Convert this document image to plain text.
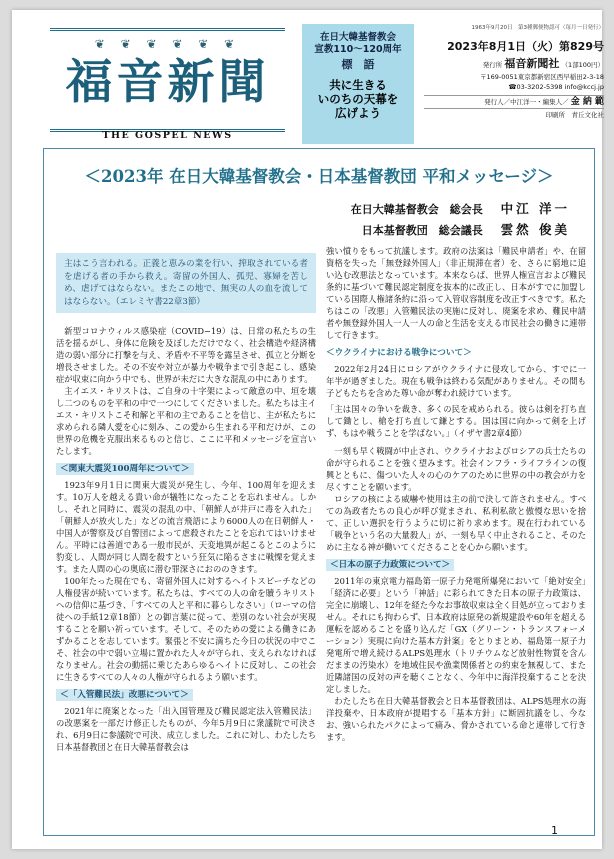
❦ ❦ ❦ ❦ ❦ ❦
福音新聞
THE GOSPEL NEWS
在日大韓基督教会
宣教110～120周年
標　語
共に生きる
いのちの天幕を
広げよう
1963年9月20日　第3種郵便物認可（毎月一日発行）
2023年8月1日（火）第829号
発行所 福音新聞社 （1部100円）
〒169-0051東京都新宿区西早稲田2-3-18
☎03-3202-5398 info@kccj.jp
発行人／中江洋一・編集人／ 金 納 範
印刷所　青丘文化社
＜2023年 在日大韓基督教会・日本基督教団 平和メッセージ＞
在日大韓基督教会　総会長 中江 洋一
日本基督教団　総会議長 雲然 俊美
主はこう言われる。正義と恵みの業を行い、搾取されている者を虐げる者の手から救え。寄留の外国人、孤児、寡婦を苦しめ、虐げてはならない。またこの地で、無実の人の血を流してはならない。（エレミヤ書22章3節）

新型コロナウィルス感染症（COVID−19）は、日常の私たちの生活を揺るがし、身体に危険を及ぼしただけでなく、社会構造や経済構造の弱い部分に打撃を与え、矛盾や不平等を露呈させ、孤立と分断を増長させました。その不安や対立が暴力や戦争まで引き起こし、感染症が収束に向かう中でも、世界が未だに大きな混乱の中にあります。

主イエス・キリストは、ご自身の十字架によって敵意の中、垣を壊し二つのものを平和の中で一つにしてくださいました。私たちは主イエス・キリストこそ和解と平和の主であることを信じ、主が私たちに求められる隣人愛を心に刻み、この愛から生まれる平和だけが、この世界の危機を克服出来るものと信じ、ここに平和メッセージを宣言いたします。

＜関東大震災100周年について＞

1923年9月1日に関東大震災が発生し、今年、100周年を迎えます。10万人を越える貴い命が犠牲になったことを忘れません。しかし、それと同時に、震災の混乱の中、「朝鮮人が井戸に毒を入れた」「朝鮮人が放火した」などの流言飛語により6000人の在日朝鮮人・中国人が警察及び自警団によって虐殺されたことを忘れてはいけません。平時には善道である一般市民が、天変地異が起こるとこのように豹変し、人間が同じ人間を殺すという狂気に陥るさまに戦慄を覚えます。また人間の心の奥底に潜む罪深さにおののきます。

100年たった現在でも、寄留外国人に対するヘイトスピーチなどの人権侵害が続いています。私たちは、すべての人の命を贖うキリストへの信仰に基づき、「すべての人と平和に暮らしなさい」（ローマの信徒への手紙12章18節）との御言葉に従って、差別のない社会が実現することを願い祈っています。そして、そのための愛による働きにあずかることを志しています。緊張と不安に満ちた今日の状況の中でこそ、社会の中で弱い立場に置かれた人々が守られ、支えられなければなりません。社会の動揺に乗じたあらゆるヘイトに反対し、この社会に生きるすべての人々の人権が守られるよう願います。

＜「入管難民法」改悪について＞

2021年に廃案となった「出入国管理及び難民認定法入管難民法」の改悪案を一部だけ修正したものが、今年5月9日に衆議院で可決され、6月9日に参議院で可決、成立しました。これに対し、わたしたち日本基督教団と在日大韓基督教会は

強い憤りをもって抗議します。政府の法案は「難民申請者」や、在留資格を失った「無登録外国人」（非正規滞在者）を、さらに窮地に追い込む改悪法となっています。本来ならば、世界人権宣言および難民条約に基づいて難民認定制度を抜本的に改正し、日本がすでに加盟している国際人権諸条約に沿って入管収容制度を改正すべきです。私たちはこの「改悪」入管難民法の実施に反対し、廃案を求め、難民申請者や無登録外国人一人一人の命と生活を支える市民社会の働きに連帯して行きます。

＜ウクライナにおける戦争について＞

2022年2月24日にロシアがウクライナに侵攻してから、すでに一年半が過ぎました。現在も戦争は終わる気配がありません。その間も子どもたちを含めた尊い命が奪われ続けています。

「主は国々の争いを裁き、多くの民を戒められる。彼らは剣を打ち直して鋤とし、槍を打ち直して鎌とする。国は国に向かって剣を上げず、もはや戦うことを学ばない。」（イザヤ書2章4節）

一刻も早く戦闘が中止され、ウクライナおよびロシアの兵士たちの命が守られることを強く望みます。社会インフラ・ライフラインの復興とともに、傷ついた人々の心のケアのために世界の中の教会が力を尽くすことを願います。

ロシアの核による威嚇や使用は主の前で決して許されません。すべての為政者たちの良心が呼び覚まされ、私利私欲と傲慢な思いを捨て、正しい選択を行うように切に祈り求めます。現在行われている「戦争という名の大量殺人」が、一刻も早く中止されること、そのために主なる神が働いてくださることを心から願います。

＜日本の原子力政策について＞

2011年の東京電力福島第一原子力発電所爆発において「絶対安全」「経済に必要」という「神話」に彩られてきた日本の原子力政策は、完全に崩壊し、12年を経た今なお事故収束は全く目処が立っておりません。それにも拘わらず、日本政府は原発の新規建設や60年を超える運転を認めることを盛り込んだ「GX（グリーン・トランスフォーメーション）実現に向けた基本方針案」をとりまとめ、福島第一原子力発電所で増え続けるALPS処理水（トリチウムなど放射性物質を含んだままの汚染水）を地域住民や漁業関係者との約束を無視して、また近隣諸国の反対の声を聴くことなく、今年中に海洋投棄することを決定しました。

わたしたち在日大韓基督教会と日本基督教団は、ALPS処理水の海洋投棄や、日本政府が提唱する「基本方針」に断固抗議をし、今なお、強いられたパクによって痛み、脅かされている命と連帯して行きます。

1
